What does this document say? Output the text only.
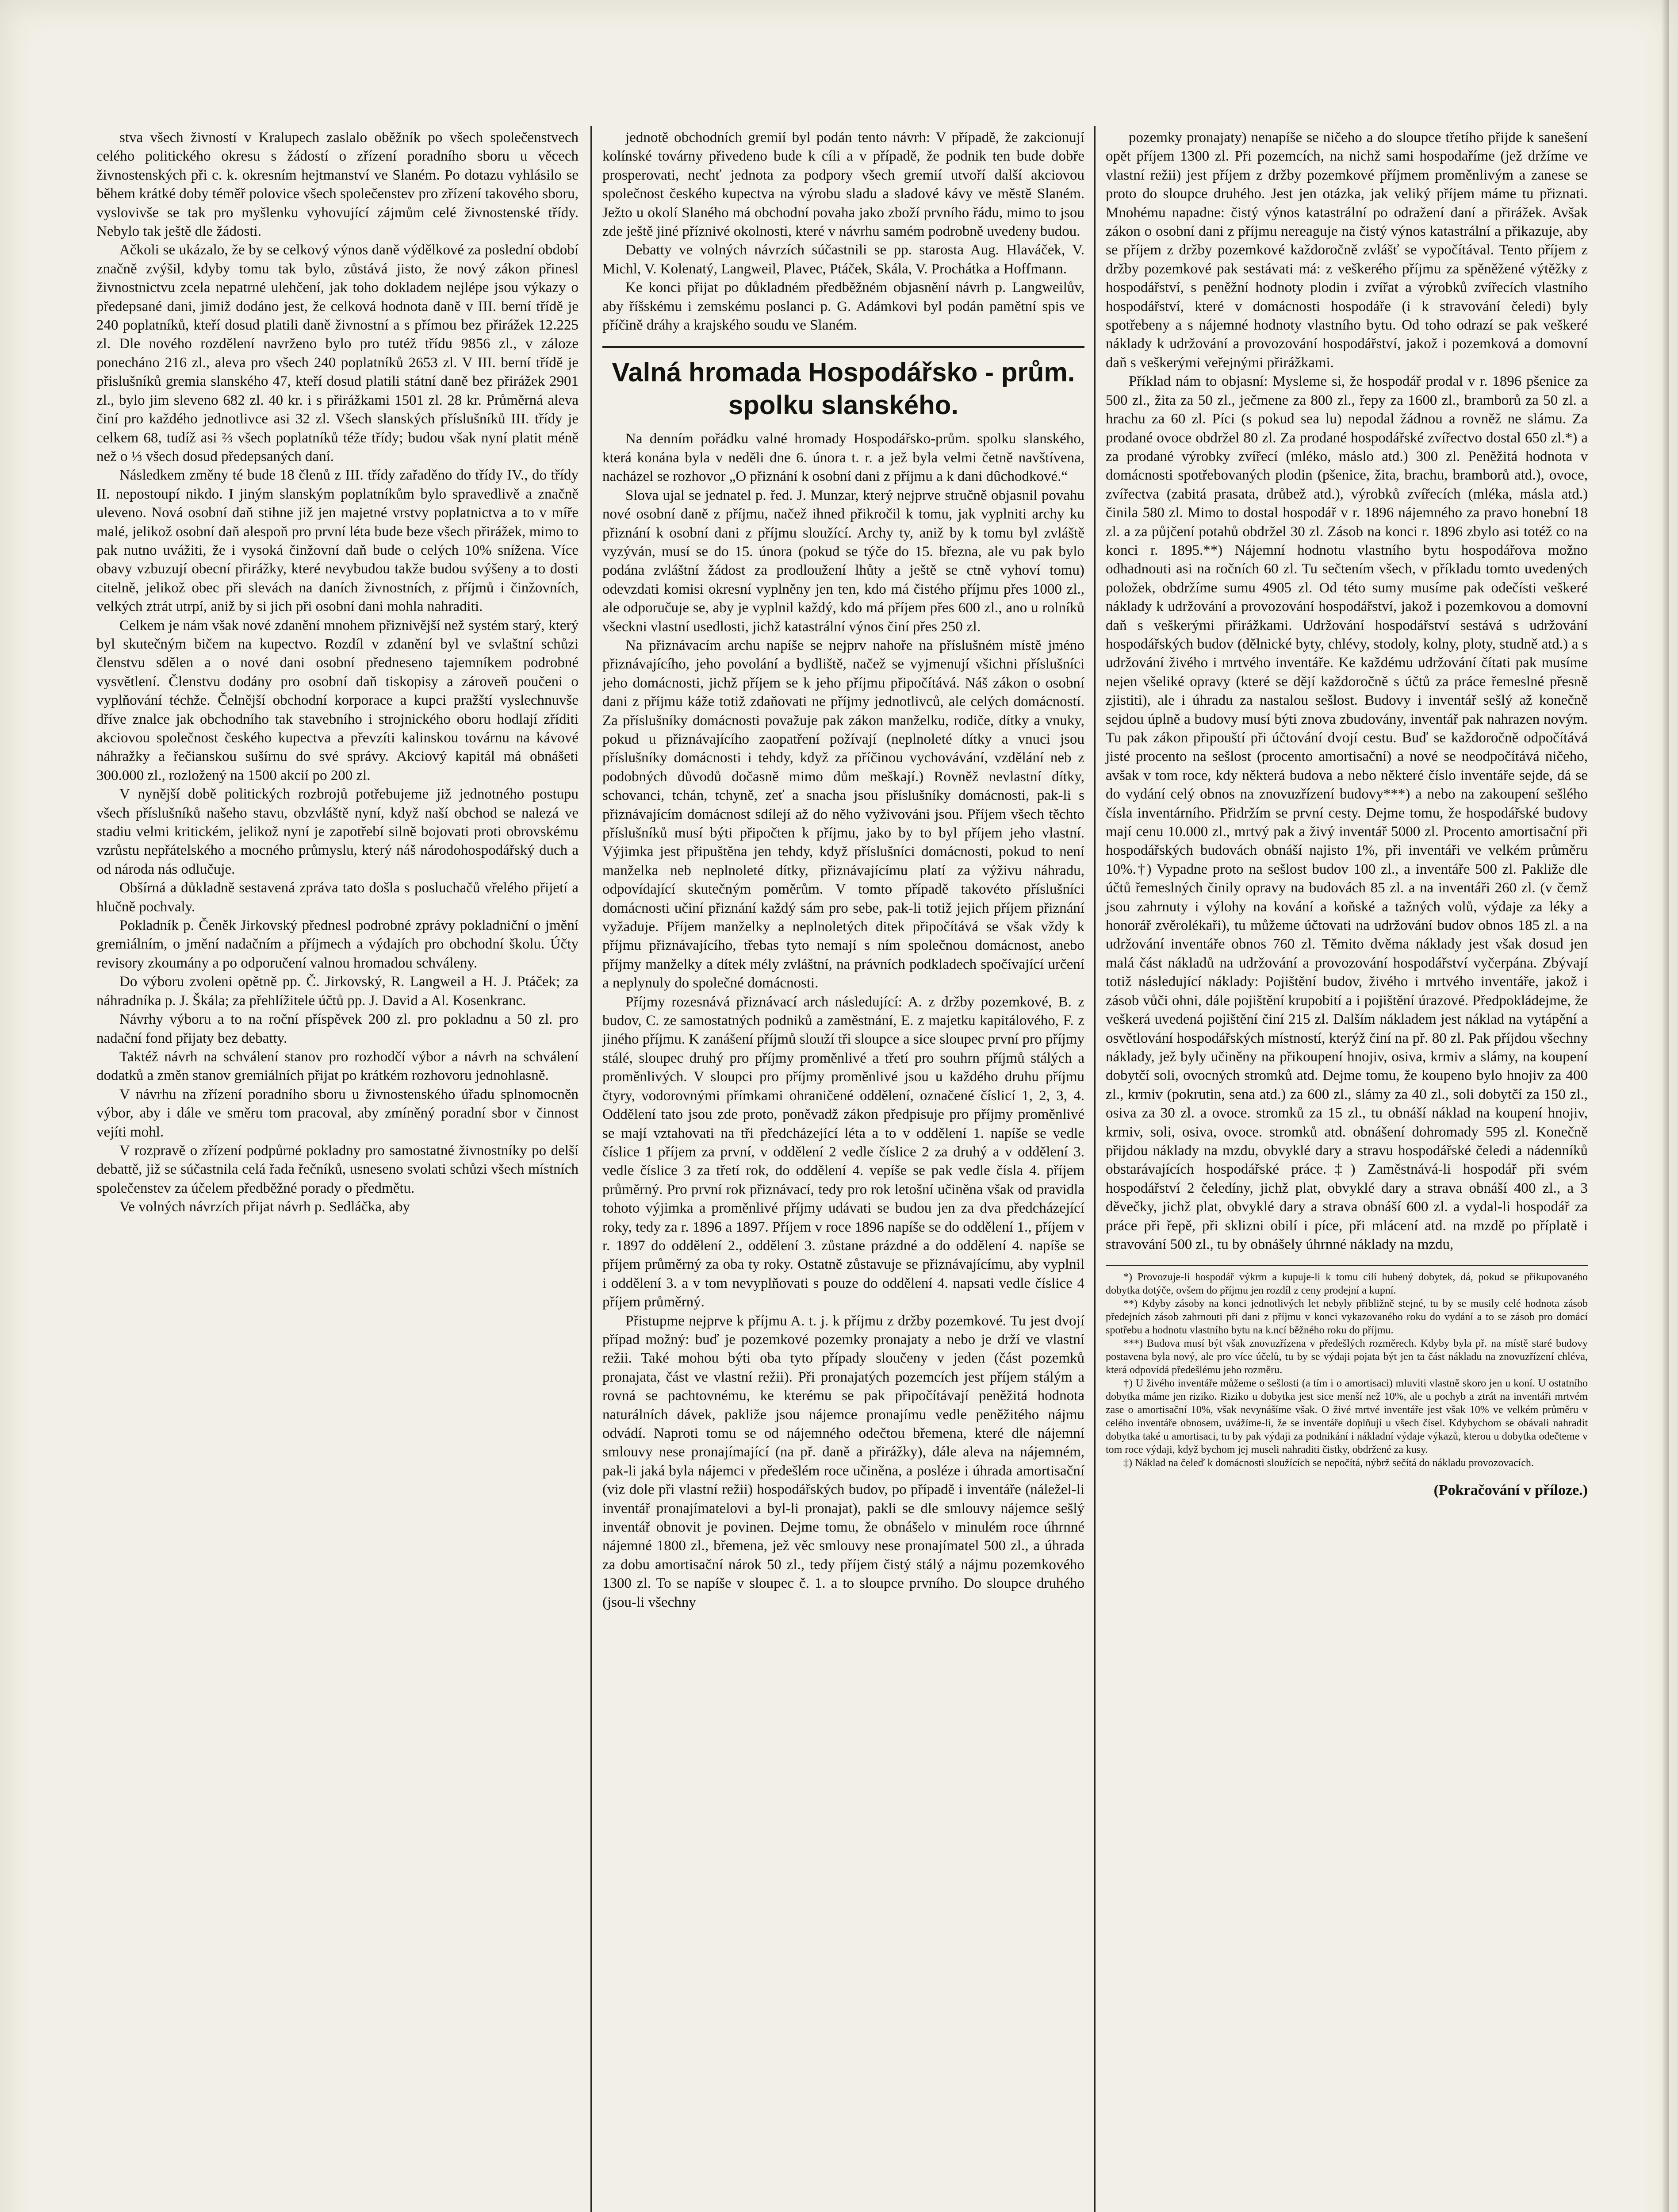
stva všech živností v Kralupech zaslalo oběžník po všech společenstvech celého politického okresu s žádostí o zřízení poradního sboru u věcech živnostenských při c. k. okresním hejtmanství ve Slaném. Po dotazu vyhlásilo se během krátké doby téměř polovice všech společenstev pro zřízení takového sboru, vyslovivše se tak pro myšlenku vyhovující zájmům celé živnostenské třídy. Nebylo tak ještě dle žádosti.

Ačkoli se ukázalo, že by se celkový výnos daně výdělkové za poslední období značně zvýšil, kdyby tomu tak bylo, zůstává jisto, že nový zákon přinesl živnostnictvu zcela nepatrné ulehčení, jak toho dokladem nejlépe jsou výkazy o předepsané dani, jimiž dodáno jest, že celková hodnota daně v III. berní třídě je 240 poplatníků, kteří dosud platili daně živnostní a s přímou bez přirážek 12.225 zl. Dle nového rozdělení navrženo bylo pro tutéž třídu 9856 zl., v záloze ponecháno 216 zl., aleva pro všech 240 poplatníků 2653 zl. V III. berní třídě je přislušníků gremia slanského 47, kteří dosud platili státní daně bez přirážek 2901 zl., bylo jim sleveno 682 zl. 40 kr. i s přirážkami 1501 zl. 28 kr. Průměrná aleva činí pro každého jednotlivce asi 32 zl. Všech slanských příslušníků III. třídy je celkem 68, tudíž asi ⅔ všech poplatníků téže třídy; budou však nyní platit méně než o ⅓ všech dosud předepsaných daní.

Následkem změny té bude 18 členů z III. třídy zařaděno do třídy IV., do třídy II. nepostoupí nikdo. I jiným slanským poplatníkům bylo spravedlivě a značně uleveno. Nová osobní daň stihne již jen majetné vrstvy poplatnictva a to v míře malé, jelikož osobní daň alespoň pro první léta bude beze všech přirážek, mimo to pak nutno uvážiti, že i vysoká činžovní daň bude o celých 10% snížena. Více obavy vzbuzují obecní přirážky, které nevybudou takže budou svýšeny a to dosti citelně, jelikož obec při slevách na daních živnostních, z příjmů i činžovních, velkých ztrát utrpí, aniž by si jich při osobní dani mohla nahraditi.

Celkem je nám však nové zdanění mnohem přiznivější než systém starý, který byl skutečným bičem na kupectvo. Rozdíl v zdanění byl ve svlaštní schůzi členstvu sdělen a o nové dani osobní předneseno tajemníkem podrobné vysvětlení. Členstvu dodány pro osobní daň tiskopisy a zároveň poučeni o vyplňování téchže. Čelnější obchodní korporace a kupci pražští vyslechnuvše dříve znalce jak obchodního tak stavebního i strojnického oboru hodlají zříditi akciovou společnost českého kupectva a převzíti kalinskou továrnu na kávové náhražky a řečianskou sušírnu do své správy. Akciový kapitál má obnášeti 300.000 zl., rozložený na 1500 akcií po 200 zl.

V nynější době politických rozbrojů potřebujeme již jednotného postupu všech příslušníků našeho stavu, obzvláště nyní, když naší obchod se nalezá ve stadiu velmi kritickém, jelikož nyní je zapotřebí silně bojovati proti obrovskému vzrůstu nepřátelského a mocného průmyslu, který náš národohospodářský duch a od národa nás odlučuje.

Obšírná a důkladně sestavená zpráva tato došla s posluchačů vřelého přijetí a hlučně pochvaly.

Pokladník p. Čeněk Jirkovský přednesl podrobné zprávy pokladniční o jmění gremiálním, o jmění nadačním a příjmech a výdajích pro obchodní školu. Účty revisory zkoumány a po odporučení valnou hromadou schváleny.

Do výboru zvoleni opětně pp. Č. Jirkovský, R. Langweil a H. J. Ptáček; za náhradníka p. J. Škála; za přehlížitele účtů pp. J. David a Al. Kosenkranc.

Návrhy výboru a to na roční příspěvek 200 zl. pro pokladnu a 50 zl. pro nadační fond přijaty bez debatty.

Taktéž návrh na schválení stanov pro rozhodčí výbor a návrh na schválení dodatků a změn stanov gremiálních přijat po krátkém rozhovoru jednohlasně.

V návrhu na zřízení poradního sboru u živnostenského úřadu splnomocněn výbor, aby i dále ve směru tom pracoval, aby zmíněný poradní sbor v činnost vejíti mohl.

V rozpravě o zřízení podpůrné pokladny pro samostatné živnostníky po delší debattě, již se súčastnila celá řada řečníků, usneseno svolati schůzi všech místních společenstev za účelem předběžné porady o předmětu.

Ve volných návrzích přijat návrh p. Sedláčka, aby

jednotě obchodních gremií byl podán tento návrh: V případě, že zakcionují kolínské továrny přivedeno bude k cíli a v případě, že podnik ten bude dobře prosperovati, nechť jednota za podpory všech gremií utvoří další akciovou společnost českého kupectva na výrobu sladu a sladové kávy ve městě Slaném. Ježto u okolí Slaného má obchodní povaha jako zboží prvního řádu, mimo to jsou zde ještě jiné příznivé okolnosti, které v návrhu samém podrobně uvedeny budou.

Debatty ve volných návrzích súčastnili se pp. starosta Aug. Hlaváček, V. Michl, V. Kolenatý, Langweil, Plavec, Ptáček, Skála, V. Prochátka a Hoffmann.

Ke konci přijat po důkladném předběžném objasnění návrh p. Langweilův, aby říšskému i zemskému poslanci p. G. Adámkovi byl podán pamětní spis ve příčině dráhy a krajského soudu ve Slaném.

Valná hromada Hospodářsko - prům. spolku slanského.

Na denním pořádku valné hromady Hospodářsko-prům. spolku slanského, která konána byla v neděli dne 6. února t. r. a jež byla velmi četně navštívena, nacházel se rozhovor „O přiznání k osobní dani z příjmu a k dani dûchodkové.“

Slova ujal se jednatel p. řed. J. Munzar, který nejprve stručně objasnil povahu nové osobní daně z příjmu, načež ihned přikročil k tomu, jak vyplniti archy ku přiznání k osobní dani z příjmu sloužící. Archy ty, aniž by k tomu byl zvláště vyzýván, musí se do 15. února (pokud se týče do 15. března, ale vu pak bylo podána zvláštní žádost za prodloužení lhůty a ještě se ctně vyhoví tomu) odevzdati komisi okresní vyplněny jen ten, kdo má čistého příjmu přes 1000 zl., ale odporučuje se, aby je vyplnil každý, kdo má příjem přes 600 zl., ano u rolníků všeckni vlastní usedlosti, jichž katastrální výnos činí přes 250 zl.

Na přiznávacím archu napíše se nejprv nahoře na příslušném místě jméno přiznávajícího, jeho povolání a bydliště, načež se vyjmenují všichni příslušníci jeho domácnosti, jichž příjem se k jeho příjmu připočítává. Náš zákon o osobní dani z příjmu káže totiž zdaňovati ne příjmy jednotlivců, ale celých domácností. Za příslušníky domácnosti považuje pak zákon manželku, rodiče, dítky a vnuky, pokud u přiznávajícího zaopatření požívají (neplnoleté dítky a vnuci jsou příslušníky domácnosti i tehdy, když za příčinou vychovávání, vzdělání neb z podobných důvodů dočasně mimo dům meškají.) Rovněž nevlastní dítky, schovanci, tchán, tchyně, zeť a snacha jsou příslušníky domácnosti, pak-li s přiznávajícím domácnost sdílejí až do něho vyživováni jsou. Příjem všech těchto příslušníků musí býti připočten k příjmu, jako by to byl příjem jeho vlastní. Výjimka jest připuštěna jen tehdy, když příslušníci domácnosti, pokud to není manželka neb neplnoleté dítky, přiznávajícímu platí za výživu náhradu, odpovídající skutečným poměrům. V tomto případě takovéto příslušníci domácnosti učiní přiznání každý sám pro sebe, pak-li totiž jejich příjem přiznání vyžaduje. Příjem manželky a neplnoletých ditek připočítává se však vždy k příjmu přiznávajícího, třebas tyto nemají s ním společnou domácnost, anebo příjmy manželky a dítek mély zvláštní, na právních podkladech spočívající určení a neplynuly do společné domácnosti.

Příjmy rozesnává přiznávací arch následující: A. z držby pozemkové, B. z budov, C. ze samostatných podniků a zaměstnání, E. z majetku kapitálového, F. z jiného příjmu. K zanášení příjmů slouží tři sloupce a sice sloupec první pro příjmy stálé, sloupec druhý pro příjmy proměnlivé a třetí pro souhrn příjmů stálých a proměnlivých. V sloupci pro příjmy proměnlivé jsou u každého druhu příjmu čtyry, vodorovnými přímkami ohraničené oddělení, označené číslicí 1, 2, 3, 4. Oddělení tato jsou zde proto, poněvadž zákon předpisuje pro příjmy proměnlivé se mají vztahovati na tři předcházející léta a to v oddělení 1. napíše se vedle číslice 1 příjem za první, v oddělení 2 vedle číslice 2 za druhý a v oddělení 3. vedle číslice 3 za třetí rok, do oddělení 4. vepíše se pak vedle čísla 4. příjem průměrný. Pro první rok přiznávací, tedy pro rok letošní učiněna však od pravidla tohoto výjimka a proměnlivé příjmy udávati se budou jen za dva předcházející roky, tedy za r. 1896 a 1897. Příjem v roce 1896 napíše se do oddělení 1., příjem v r. 1897 do oddělení 2., oddělení 3. zůstane prázdné a do oddělení 4. napíše se příjem průměrný za oba ty roky. Ostatně zůstavuje se přiznávajícímu, aby vyplnil i oddělení 3. a v tom nevyplňovati s pouze do oddělení 4. napsati vedle číslice 4 příjem průměrný.

Přistupme nejprve k příjmu A. t. j. k příjmu z držby pozemkové. Tu jest dvojí případ možný: buď je pozemkové pozemky pronajaty a nebo je drží ve vlastní režii. Také mohou býti oba tyto případy sloučeny v jeden (část pozemků pronajata, část ve vlastní režii). Při pronajatých pozemcích jest příjem stálým a rovná se pachtovnému, ke kterému se pak připočítávají peněžitá hodnota naturálních dávek, pakliže jsou nájemce pronajímu vedle peněžitého nájmu odvádí. Naproti tomu se od nájemného odečtou břemena, které dle nájemní smlouvy nese pronajímající (na př. daně a přirážky), dále aleva na nájemném, pak-li jaká byla nájemci v předešlém roce učiněna, a posléze i úhrada amortisační (viz dole při vlastní režii) hospodářských budov, po případě i inventáře (náležel-li inventář pronajímatelovi a byl-li pronajat), pakli se dle smlouvy nájemce sešlý inventář obnovit je povinen. Dejme tomu, že obnášelo v minulém roce úhrnné nájemné 1800 zl., břemena, jež věc smlouvy nese pronajímatel 500 zl., a úhrada za dobu amortisační nárok 50 zl., tedy příjem čistý stálý a nájmu pozemkového 1300 zl. To se napíše v sloupec č. 1. a to sloupce prvního. Do sloupce druhého (jsou-li všechny

pozemky pronajaty) nenapíše se ničeho a do sloupce třetího přijde k sanešení opět příjem 1300 zl. Při pozemcích, na nichž sami hospodaříme (jež držíme ve vlastní režii) jest příjem z držby pozemkové příjmem proměnlivým a zanese se proto do sloupce druhého. Jest jen otázka, jak veliký příjem máme tu přiznati. Mnohému napadne: čistý výnos katastrální po odražení daní a přirážek. Avšak zákon o osobní dani z příjmu nereaguje na čistý výnos katastrální a přikazuje, aby se příjem z držby pozemkové každoročně zvlášť se vypočítával. Tento příjem z držby pozemkové pak sestávati má: z veškerého příjmu za spěněžené výtěžky z hospodářství, s peněžní hodnoty plodin i zvířat a výrobků zvířecích vlastního hospodářství, které v domácnosti hospodáře (i k stravování čeledi) byly spotřebeny a s nájemné hodnoty vlastního bytu. Od toho odrazí se pak veškeré náklady k udržování a provozování hospodářství, jakož i pozemková a domovní daň s veškerými veřejnými přirážkami.

Příklad nám to objasní: Mysleme si, že hospodář prodal v r. 1896 pšenice za 500 zl., žita za 50 zl., ječmene za 800 zl., řepy za 1600 zl., bramborů za 50 zl. a hrachu za 60 zl. Píci (s pokud sea lu) nepodal žádnou a rovněž ne slámu. Za prodané ovoce obdržel 80 zl. Za prodané hospodářské zvířectvo dostal 650 zl.*) a za prodané výrobky zvířecí (mléko, máslo atd.) 300 zl. Peněžitá hodnota v domácnosti spotřebovaných plodin (pšenice, žita, brachu, bramborů atd.), ovoce, zvířectva (zabitá prasata, drůbež atd.), výrobků zvířecích (mléka, másla atd.) činila 580 zl. Mimo to dostal hospodář v r. 1896 nájemného za pravo honební 18 zl. a za půjčení potahů obdržel 30 zl. Zásob na konci r. 1896 zbylo asi totéž co na konci r. 1895.**) Nájemní hodnotu vlastního bytu hospodářova možno odhadnouti asi na ročních 60 zl. Tu sečtením všech, v příkladu tomto uvedených položek, obdržíme sumu 4905 zl. Od této sumy musíme pak odečísti veškeré náklady k udržování a provozování hospodářství, jakož i pozemkovou a domovní daň s veškerými přirážkami. Udržování hospodářství sestává s udržování hospodářských budov (dělnické byty, chlévy, stodoly, kolny, ploty, studně atd.) a s udržování živého i mrtvého inventáře. Ke každému udržování čítati pak musíme nejen všeliké opravy (které se dějí každoročně s účtů za práce řemeslné přesně zjistiti), ale i úhradu za nastalou sešlost. Budovy i inventář sešlý až konečně sejdou úplně a budovy musí býti znova zbudovány, inventář pak nahrazen novým. Tu pak zákon připouští při účtování dvojí cestu. Buď se každoročně odpočítává jisté procento na sešlost (procento amortisační) a nové se neodpočítává ničeho, avšak v tom roce, kdy některá budova a nebo některé číslo inventáře sejde, dá se do vydání celý obnos na znovuzřízení budovy***) a nebo na zakoupení sešlého čísla inventárního. Přidržím se první cesty. Dejme tomu, že hospodářské budovy mají cenu 10.000 zl., mrtvý pak a živý inventář 5000 zl. Procento amortisační při hospodářských budovách obnáší najisto 1%, při inventáři ve velkém průměru 10%.†) Vypadne proto na sešlost budov 100 zl., a inventáře 500 zl. Pakliže dle účtů řemeslných činily opravy na budovách 85 zl. a na inventáři 260 zl. (v čemž jsou zahrnuty i výlohy na kování a koňské a tažných volů, výdaje za léky a honorář zvěrolékaři), tu můžeme účtovati na udržování budov obnos 185 zl. a na udržování inventáře obnos 760 zl. Těmito dvěma náklady jest však dosud jen malá část nákladů na udržování a provozování hospodářství vyčerpána. Zbývají totiž následující náklady: Pojištění budov, živého i mrtvého inventáře, jakož i zásob vůči ohni, dále pojištění krupobití a i pojištění úrazové. Předpokládejme, že veškerá uvedená pojištění činí 215 zl. Dalším nákladem jest náklad na vytápění a osvětlování hospodářských místností, kterýž činí na př. 80 zl. Pak příjdou všechny náklady, jež byly učiněny na přikoupení hnojiv, osiva, krmiv a slámy, na koupení dobytčí soli, ovocných stromků atd. Dejme tomu, že koupeno bylo hnojiv za 400 zl., krmiv (pokrutin, sena atd.) za 600 zl., slámy za 40 zl., soli dobytčí za 150 zl., osiva za 30 zl. a ovoce. stromků za 15 zl., tu obnáší náklad na koupení hnojiv, krmiv, soli, osiva, ovoce. stromků atd. obnášení dohromady 595 zl. Konečně přijdou náklady na mzdu, obvyklé dary a stravu hospodářské čeledi a nádenníků obstarávajících hospodářské práce.‡) Zaměstnává-li hospodář při svém hospodářství 2 čeledíny, jichž plat, obvyklé dary a strava obnáší 400 zl., a 3 děvečky, jichž plat, obvyklé dary a strava obnáší 600 zl. a vydal-li hospodář za práce při řepě, při sklizni obilí i píce, při mlácení atd. na mzdě po příplatě i stravování 500 zl., tu by obnášely úhrnné náklady na mzdu,

*) Provozuje-li hospodář výkrm a kupuje-li k tomu cílí hubený dobytek, dá, pokud se přikupovaného dobytka dotýče, ovšem do příjmu jen rozdíl z ceny prodejní a kupní.

**) Kdyby zásoby na konci jednotlivých let nebyly přibližně stejné, tu by se musily celé hodnota zásob předejních zásob zahrnouti při dani z příjmu v konci vykazovaného roku do vydání a to se zásob pro domácí spotřebu a hodnotu vlastního bytu na k.ncí běžného roku do příjmu.

***) Budova musí být však znovuzřízena v předešlých rozměrech. Kdyby byla př. na místě staré budovy postavena byla nový, ale pro více účelů, tu by se výdaji pojata být jen ta část nákladu na znovuzřízení chléva, která odpovídá předešlému jeho rozměru.

†) U živého inventáře můžeme o sešlosti (a tím i o amortisaci) mluviti vlastně skoro jen u koní. U ostatního dobytka máme jen riziko. Riziko u dobytka jest sice menší než 10%, ale u pochyb a ztrát na inventáři mrtvém zase o amortisační 10%, však nevynášíme však. O živé mrtvé inventáře jest však 10% ve velkém průměru v celého inventáře obnosem, uvážíme-li, že se inventáře doplňují u všech čísel. Kdybychom se obávali nahradit dobytka také u amortisaci, tu by pak výdaji za podnikání i nákladní výdaje výkazů, kterou u dobytka odečteme v tom roce výdaji, když bychom jej museli nahraditi čistky, obdržené za kusy.

‡) Náklad na čeleď k domácnosti sloužících se nepočítá, nýbrž sečítá do nákladu provozovacích.

(Pokračování v příloze.)
